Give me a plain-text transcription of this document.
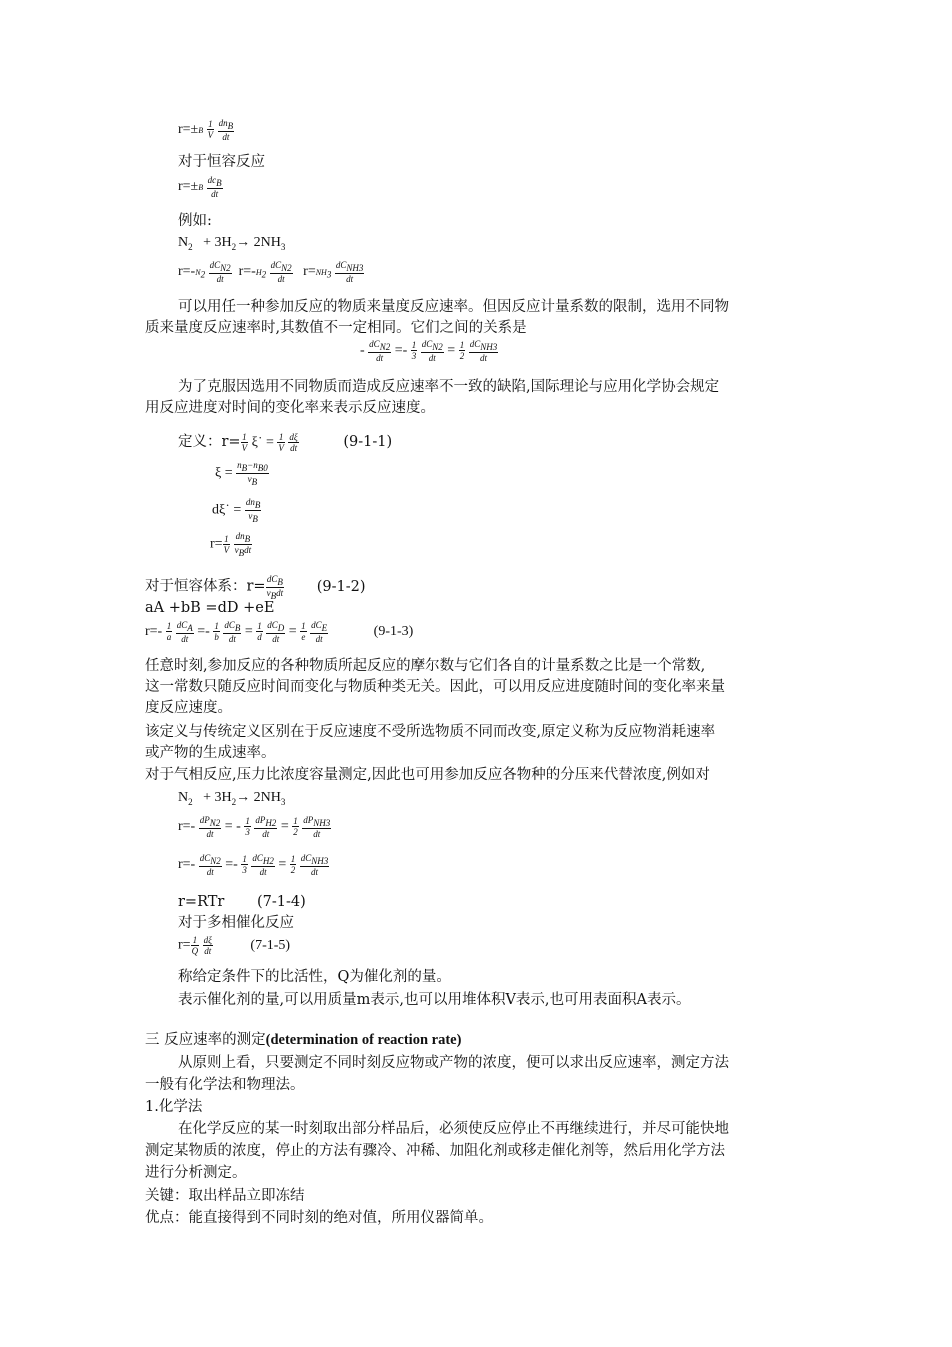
$r=\pm B \frac{1}{V}$
$\frac{dn_B}{dt}$
对于恒容反应
$r=\pm B \frac{dc_B}{dt}$
例如:
$N_2 + 3H_2\to 2NH_3$
$r=-N_2 \frac{dC_{N2}}{dt} r=-H_2 \frac{dC_{N2}}{dt} r=NH_3 \frac{dC_{NH3}}{dt}$
可以用任一种参加反应的物质来量度反应速率。但因反应计量系数的限制，选用不同物
质来量度反应速率时,其数值不一定相同。它们之间的关系是
- $\frac{dC_{N2}}{dt} =- \frac{1}{3}$
$\frac{dC_{N2}}{dt} = \frac{1}{2}$
$\frac{dC_{NH3}}{dt}$
为了克服因选用不同物质而造成反应速率不一致的缺陷,国际理论与应用化学协会规定
用反应进度对时间的变化率来表示反应速度。
定义：$r= \frac{1}{V}$ ξ˙ = $\frac{1}{V}$
$\frac{d\xi}{dt}$	(9-1-1)
$\xi = \frac{n_B-n_{B0}}{\nu_B}$
dξ˙ = $\frac{dn_B}{\nu_B}$
$r= \frac{1}{V}$
$\frac{dn_B}{\nu_Bdt}$
对于恒容体系：$r= \frac{dC_B}{\nu_Bdt} (9-1-2)$
aA +bB =dD +eE
$r=- \frac{1}{a}$
$\frac{dC_A}{dt} =- \frac{1}{b}$
$\frac{dC_B}{dt} = \frac{1}{d}$
$\frac{dC_D}{dt} = \frac{1}{e}$
$\frac{dC_E}{dt}$	(9-1-3)
任意时刻,参加反应的各种物质所起反应的摩尔数与它们各自的计量系数之比是一个常数,
这一常数只随反应时间而变化与物质种类无关。因此，可以用反应进度随时间的变化率来量
度反应速度。
该定义与传统定义区别在于反应速度不受所选物质不同而改变,原定义称为反应物消耗速率
或产物的生成速率。
对于气相反应,压力比浓度容量测定,因此也可用参加反应各物种的分压来代替浓度,例如对
$N_2 + 3H_2\to 2NH_3$
$r=- \frac{dP_{N2}}{dt}$ = - $\frac{1}{3}$
$\frac{dP_{H2}}{dt} = \frac{1}{2}$
$\frac{dP_{NH3}}{dt}$
$r=- \frac{dC_{N2}}{dt} =- \frac{1}{3}$
$\frac{dC_{H2}}{dt} = \frac{1}{2}$
$\frac{dC_{NH3}}{dt}$
r=RTr (7-1-4)
对于多相催化反应
$r= \frac{1}{Q}$
$\frac{d\xi}{dt}$	(7-1-5)
称给定条件下的比活性，Q为催化剂的量。
表示催化剂的量,可以用质量m表示,也可以用堆体积V表示,也可用表面积A表示。
三 反应速率的测定(determination of reaction rate)
从原则上看，只要测定不同时刻反应物或产物的浓度，便可以求出反应速率，测定方法
一般有化学法和物理法。
1.化学法
在化学反应的某一时刻取出部分样品后，必须使反应停止不再继续进行，并尽可能快地
测定某物质的浓度，停止的方法有骤冷、冲稀、加阻化剂或移走催化剂等，然后用化学方法
进行分析测定。
关键：取出样品立即冻结
优点：能直接得到不同时刻的绝对值，所用仪器简单。
